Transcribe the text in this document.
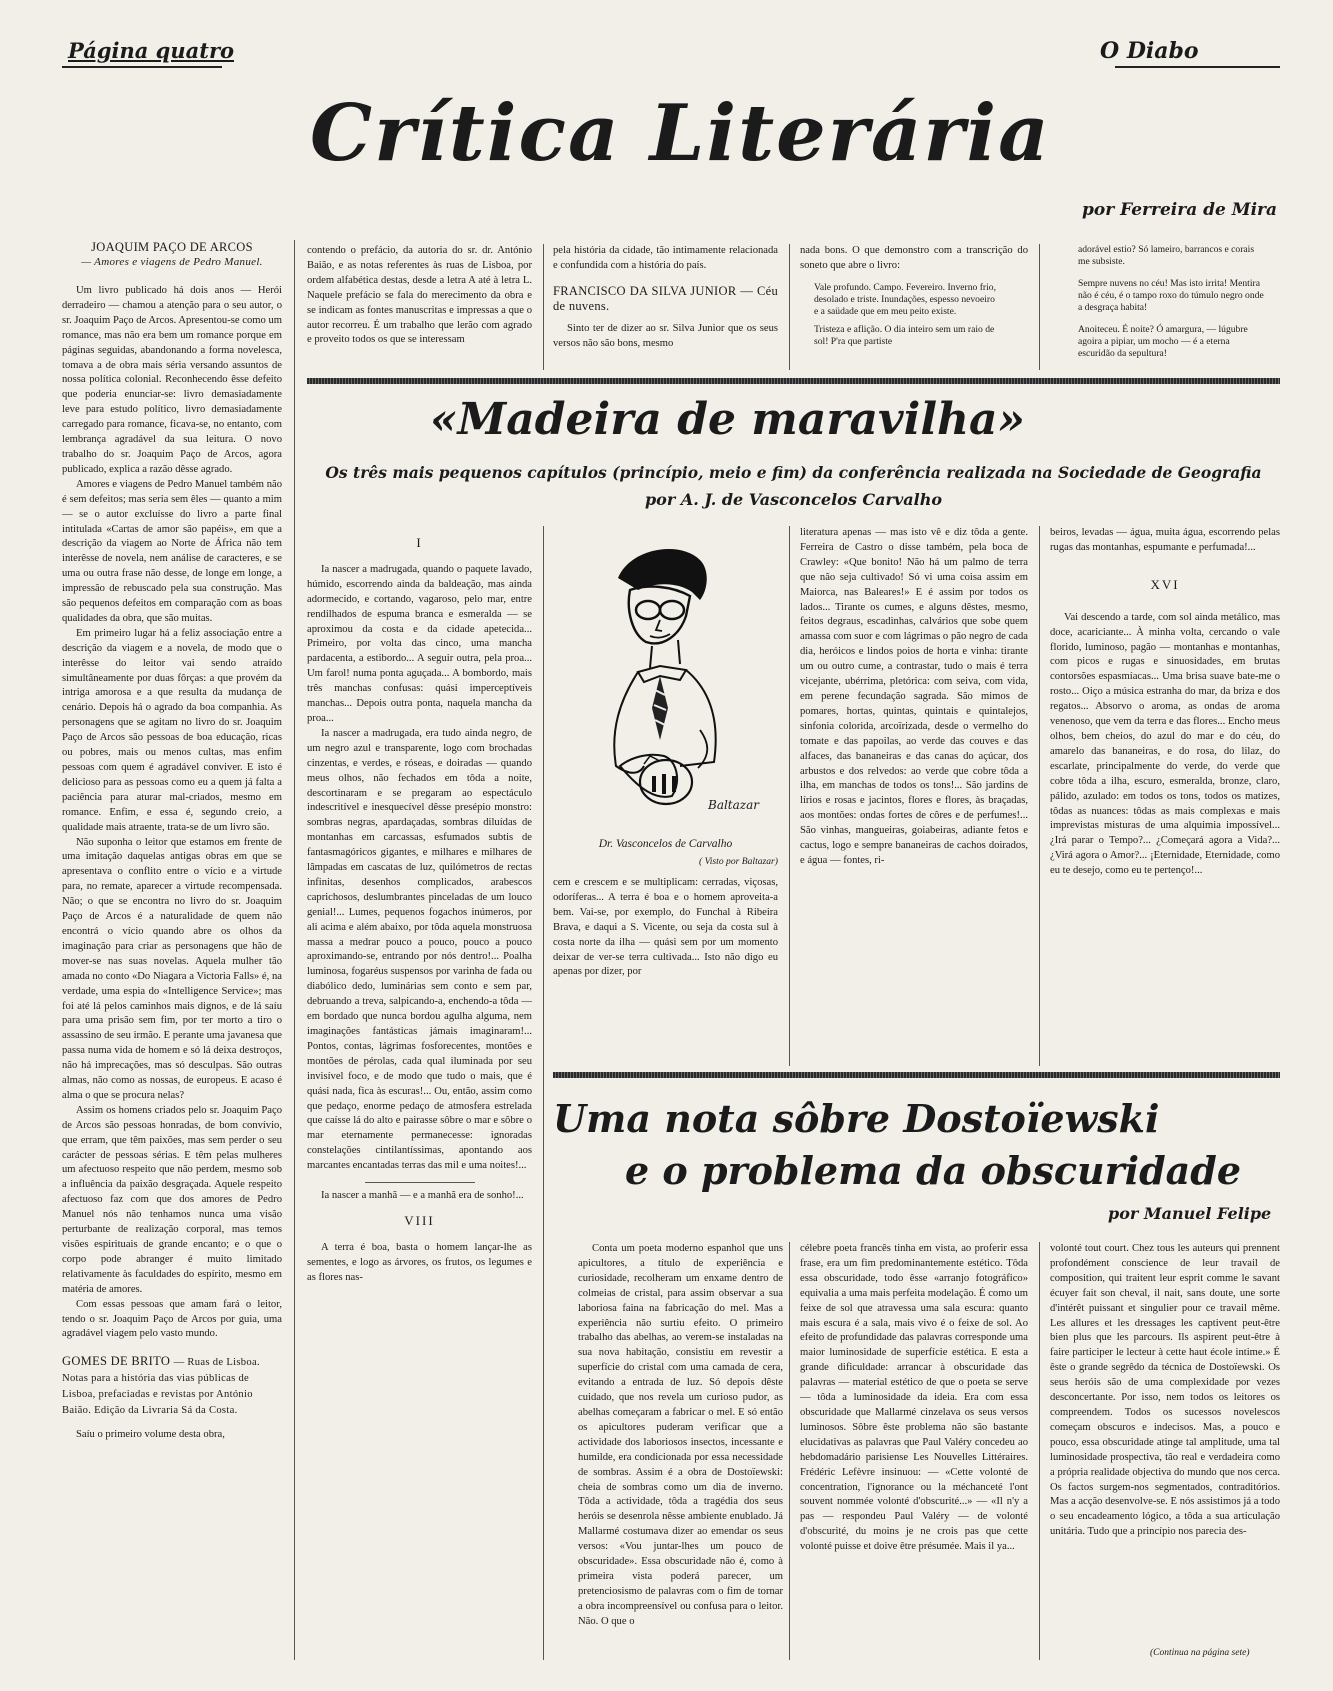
Página quatro	O Diabo
Crítica Literária
por Ferreira de Mira
JOAQUIM PAÇO DE ARCOS
— Amores e viagens de Pedro Manuel.

Um livro publicado há dois anos — Herói derradeiro — chamou a atenção para o seu autor, o sr. Joaquim Paço de Arcos. Apresentou-se como um romance, mas não era bem um romance porque em páginas seguidas, abandonando a forma novelesca, tomava a de obra mais séria versando assuntos de nossa política colonial. Reconhecendo êsse defeito que poderia enunciar-se: livro demasiadamente leve para estudo político, livro demasiadamente carregado para romance, ficava-se, no entanto, com lembrança agradável da sua leitura. O novo trabalho do sr. Joaquim Paço de Arcos, agora publicado, explica a razão dêsse agrado.

Amores e viagens de Pedro Manuel também não é sem defeitos; mas seria sem êles — quanto a mim — se o autor excluísse do livro a parte final intitulada «Cartas de amor são papéis», em que a descrição da viagem ao Norte de África não tem interêsse de novela, nem análise de caracteres, e se uma ou outra frase não desse, de longe em longe, a impressão de rebuscado pela sua construção. Mas são pequenos defeitos em comparação com as boas qualidades da obra, que são muitas.

Em primeiro lugar há a feliz associação entre a descrição da viagem e a novela, de modo que o interêsse do leitor vai sendo atraído simultâneamente por duas fôrças: a que provém da intriga amorosa e a que resulta da mudança de cenário. Depois há o agrado da boa companhia. As personagens que se agitam no livro do sr. Joaquim Paço de Arcos são pessoas de boa educação, ricas ou pobres, mais ou menos cultas, mas enfim pessoas com quem é agradável conviver. E isto é delicioso para as pessoas como eu a quem já falta a paciência para aturar mal-criados, mesmo em romance. Enfim, e essa é, segundo creio, a qualidade mais atraente, trata-se de um livro são.

Não suponha o leitor que estamos em frente de uma imitação daquelas antigas obras em que se apresentava o conflito entre o vício e a virtude para, no remate, aparecer a virtude recompensada. Não; o que se encontra no livro do sr. Joaquim Paço de Arcos é a naturalidade de quem não encontrá o vício quando abre os olhos da imaginação para criar as personagens que hão de mover-se nas suas novelas. Aquela mulher tão amada no conto «Do Niagara a Victoria Falls» é, na verdade, uma espia do «Intelligence Service»; mas foi até lá pelos caminhos mais dignos, e de lá saíu para uma prisão sem fim, por ter morto a tiro o assassino de seu irmão. E perante uma javanesa que passa numa vida de homem e só lá deixa destroços, não há imprecações, mas só desculpas. São outras almas, não como as nossas, de europeus. E acaso é alma o que se procura nelas?

Assim os homens criados pelo sr. Joaquim Paço de Arcos são pessoas honradas, de bom convívio, que erram, que têm paixões, mas sem perder o seu carácter de pessoas sérias. E têm pelas mulheres um afectuoso respeito que não perdem, mesmo sob a influência da paixão desgraçada. Aquele respeito afectuoso faz com que dos amores de Pedro Manuel nós não tenhamos nunca uma visão perturbante de realização corporal, mas temos visões espirituais de grande encanto; e o que o corpo pode abranger é muito limitado relativamente às faculdades do espírito, mesmo em matéria de amores.

Com essas pessoas que amam fará o leitor, tendo o sr. Joaquim Paço de Arcos por guia, uma agradável viagem pelo vasto mundo.

GOMES DE BRITO — Ruas de Lisboa. Notas para a história das vias públicas de Lisboa, prefaciadas e revistas por António Baião. Edição da Livraria Sá da Costa.

Saíu o primeiro volume desta obra,

contendo o prefácio, da autoria do sr. dr. António Baião, e as notas referentes às ruas de Lisboa, por ordem alfabética destas, desde a letra A até à letra L. Naquele prefácio se fala do merecimento da obra e se indicam as fontes manuscritas e impressas a que o autor recorreu. É um trabalho que lerão com agrado e proveito todos os que se interessam

pela história da cidade, tão intimamente relacionada e confundida com a história do país.

FRANCISCO DA SILVA JUNIOR — Céu de nuvens.

Sinto ter de dizer ao sr. Silva Junior que os seus versos não são bons, mesmo

nada bons. O que demonstro com a transcrição do soneto que abre o livro:

Vale profundo. Campo. Fevereiro. Inverno frio, desolado e triste. Inundações, espesso nevoeiro e a saüdade que em meu peito existe.
Tristeza e aflição. O dia inteiro sem um raio de sol! P'ra que partiste
adorável estio? Só lameiro, barrancos e corais me subsiste.
Sempre nuvens no céu! Mas isto irrita! Mentira não é céu, é o tampo roxo do túmulo negro onde a desgraça habita!
Anoiteceu. É noite? Ó amargura, — lúgubre agoira a pipiar, um mocho — é a eterna escuridão da sepultura!
«Madeira de maravilha»
Os três mais pequenos capítulos (princípio, meio e fim) da conferência realizada na Sociedade de Geografia
por A. J. de Vasconcelos Carvalho
I

Ia nascer a madrugada, quando o paquete lavado, húmido, escorrendo ainda da baldeação, mas ainda adormecido, e cortando, vagaroso, pelo mar, entre rendilhados de espuma branca e esmeralda — se aproximou da costa e da cidade apetecida... Primeiro, por volta das cinco, uma mancha pardacenta, a estibordo... A seguir outra, pela proa... Um farol! numa ponta aguçada... A bombordo, mais três manchas confusas: quási imperceptíveis manchas... Depois outra ponta, naquela mancha da proa...

Ia nascer a madrugada, era tudo ainda negro, de um negro azul e transparente, logo com brochadas cinzentas, e verdes, e róseas, e doiradas — quando meus olhos, não fechados em tôda a noite, descortinaram e se pregaram ao espectáculo indescritível e inesquecível dêsse presépio monstro: sombras negras, apardaçadas, sombras diluídas de montanhas em carcassas, esfumados subtis de fantasmagóricos gigantes, e milhares e milhares de lâmpadas em cascatas de luz, quilómetros de rectas infinitas, desenhos complicados, arabescos caprichosos, deslumbrantes pinceladas de um louco genial!... Lumes, pequenos fogachos inúmeros, por ali acima e além abaixo, por tôda aquela monstruosa massa a medrar pouco a pouco, pouco a pouco aproximando-se, entrando por nós dentro!... Poalha luminosa, fogaréus suspensos por varinha de fada ou diabólico dedo, luminárias sem conto e sem par, debruando a treva, salpicando-a, enchendo-a tôda — em bordado que nunca bordou agulha alguma, nem imaginações fantásticas jámais imaginaram!... Pontos, contas, lágrimas fosforecentes, montões e montões de pérolas, cada qual iluminada por seu invisível foco, e de modo que tudo o mais, que é quási nada, fica às escuras!... Ou, então, assim como que pedaço, enorme pedaço de atmosfera estrelada que caísse lá do alto e pairasse sôbre o mar e sôbre o mar eternamente permanecesse: ignoradas constelações cintilantíssimas, apontando aos marcantes encantadas terras das mil e uma noites!...

Ia nascer a manhã — e a manhã era de sonho!...

VIII

A terra é boa, basta o homem lançar-lhe as sementes, e logo as árvores, os frutos, os legumes e as flores nas-

Baltazar
Dr. Vasconcelos de Carvalho
( Visto por Baltazar)

cem e crescem e se multiplicam: cerradas, viçosas, odoríferas... A terra é boa e o homem aproveita-a bem. Vai-se, por exemplo, do Funchal à Ribeira Brava, e daqui a S. Vicente, ou seja da costa sul à costa norte da ilha — quási sem por um momento deixar de ver-se terra cultivada... Isto não digo eu apenas por dizer, por

literatura apenas — mas isto vê e diz tôda a gente. Ferreira de Castro o disse também, pela boca de Crawley: «Que bonito! Não há um palmo de terra que não seja cultivado! Só vi uma coisa assim em Maiorca, nas Baleares!» E é assim por todos os lados... Tirante os cumes, e alguns dêstes, mesmo, feitos degraus, escadinhas, calvários que sobe quem amassa com suor e com lágrimas o pão negro de cada dia, heróicos e lindos poios de horta e vinha: tirante um ou outro cume, a contrastar, tudo o mais é terra vicejante, ubérrima, pletórica: com seiva, com vida, em perene fecundação sagrada. São mimos de pomares, hortas, quintas, quintais e quintalejos, sinfonia colorida, arcoïrizada, desde o vermelho do tomate e das papoilas, ao verde das couves e das alfaces, das bananeiras e das canas do açúcar, dos arbustos e dos relvedos: ao verde que cobre tôda a ilha, em manchas de todos os tons!... São jardins de lírios e rosas e jacintos, flores e flores, às braçadas, aos montões: ondas fortes de côres e de perfumes!... São vinhas, mangueiras, goiabeiras, adiante fetos e cactus, logo e sempre bananeiras de cachos doirados, e água — fontes, ri-

beiros, levadas — água, muita água, escorrendo pelas rugas das montanhas, espumante e perfumada!...

XVI

Vai descendo a tarde, com sol ainda metálico, mas doce, acariciante... À minha volta, cercando o vale florido, luminoso, pagão — montanhas e montanhas, com picos e rugas e sinuosidades, em brutas contorsões espasmíacas... Uma brisa suave bate-me o rosto... Oiço a música estranha do mar, da briza e dos regatos... Absorvo o aroma, as ondas de aroma venenoso, que vem da terra e das flores... Encho meus olhos, bem cheios, do azul do mar e do céu, do amarelo das bananeiras, e do rosa, do lilaz, do escarlate, principalmente do verde, do verde que cobre tôda a ilha, escuro, esmeralda, bronze, claro, pálido, azulado: em todos os tons, todos os matizes, tôdas as nuances: tôdas as mais complexas e mais imprevistas misturas de uma alquimia impossível... ¿Irá parar o Tempo?... ¿Começará agora a Vida?... ¿Virá agora o Amor?... ¡Eternidade, Eternidade, como eu te desejo, como eu te pertenço!...

Uma nota sôbre Dostoïewski
e o problema da obscuridade
por Manuel Felipe

Conta um poeta moderno espanhol que uns apicultores, a título de experiência e curiosidade, recolheram um enxame dentro de colmeias de cristal, para assim observar a sua laboriosa faina na fabricação do mel. Mas a experiência não surtiu efeito. O primeiro trabalho das abelhas, ao verem-se instaladas na sua nova habitação, consistiu em revestir a superfície do cristal com uma camada de cera, evitando a entrada de luz. Só depois dêste cuidado, que nos revela um curioso pudor, as abelhas começaram a fabricar o mel. E só então os apicultores puderam verificar que a actividade dos laboriosos insectos, incessante e humilde, era condicionada por essa necessidade de sombras. Assim é a obra de Dostoïewski: cheia de sombras como um dia de inverno. Tôda a actividade, tôda a tragédia dos seus heróis se desenrola nêsse ambiente enublado. Já Mallarmé costumava dizer ao emendar os seus versos: «Vou juntar-lhes um pouco de obscuridade». Essa obscuridade não é, como à primeira vista poderá parecer, um pretenciosismo de palavras com o fim de tornar a obra incompreensível ou confusa para o leitor. Não. O que o

célebre poeta francês tinha em vista, ao proferir essa frase, era um fim predominantemente estético. Tôda essa obscuridade, todo êsse «arranjo fotográfico» equivalia a uma mais perfeita modelação. É como um feixe de sol que atravessa uma sala escura: quanto mais escura é a sala, mais vivo é o feixe de sol. Ao efeito de profundidade das palavras corresponde uma maior luminosidade de superfície estética. E esta a grande dificuldade: arrancar à obscuridade das palavras — material estético de que o poeta se serve — tôda a luminosidade da ideia. Era com essa obscuridade que Mallarmé cinzelava os seus versos luminosos. Sôbre êste problema não são bastante elucidativas as palavras que Paul Valéry concedeu ao hebdomadário parisiense Les Nouvelles Littéraires. Frédéric Lefèvre insinuou: — «Cette volonté de concentration, l'ignorance ou la méchanceté l'ont souvent nommée volonté d'obscurité...» — «Il n'y a pas — respondeu Paul Valéry — de volonté d'obscurité, du moins je ne crois pas que cette volonté puisse et doive être présumée. Mais il ya...

volonté tout court. Chez tous les auteurs qui prennent profondément conscience de leur travail de composition, qui traitent leur esprit comme le savant écuyer fait son cheval, il nait, sans doute, une sorte d'intérêt puissant et singulier pour ce travail même. Les allures et les dressages les captivent peut-être bien plus que les parcours. Ils aspirent peut-être à faire participer le lecteur à cette haut école intime.» É êste o grande segrêdo da técnica de Dostoïewski. Os seus heróis são de uma complexidade por vezes desconcertante. Por isso, nem todos os leitores os compreendem. Todos os sucessos novelescos começam obscuros e indecisos. Mas, a pouco e pouco, essa obscuridade atinge tal amplitude, uma tal luminosidade prospectiva, tão real e verdadeira como a própria realidade objectiva do mundo que nos cerca. Os factos surgem-nos segmentados, contraditórios. Mas a acção desenvolve-se. E nós assistimos já a todo o seu encadeamento lógico, a tôda a sua articulação unitária. Tudo que a princípio nos parecia des-

(Continua na página sete)
